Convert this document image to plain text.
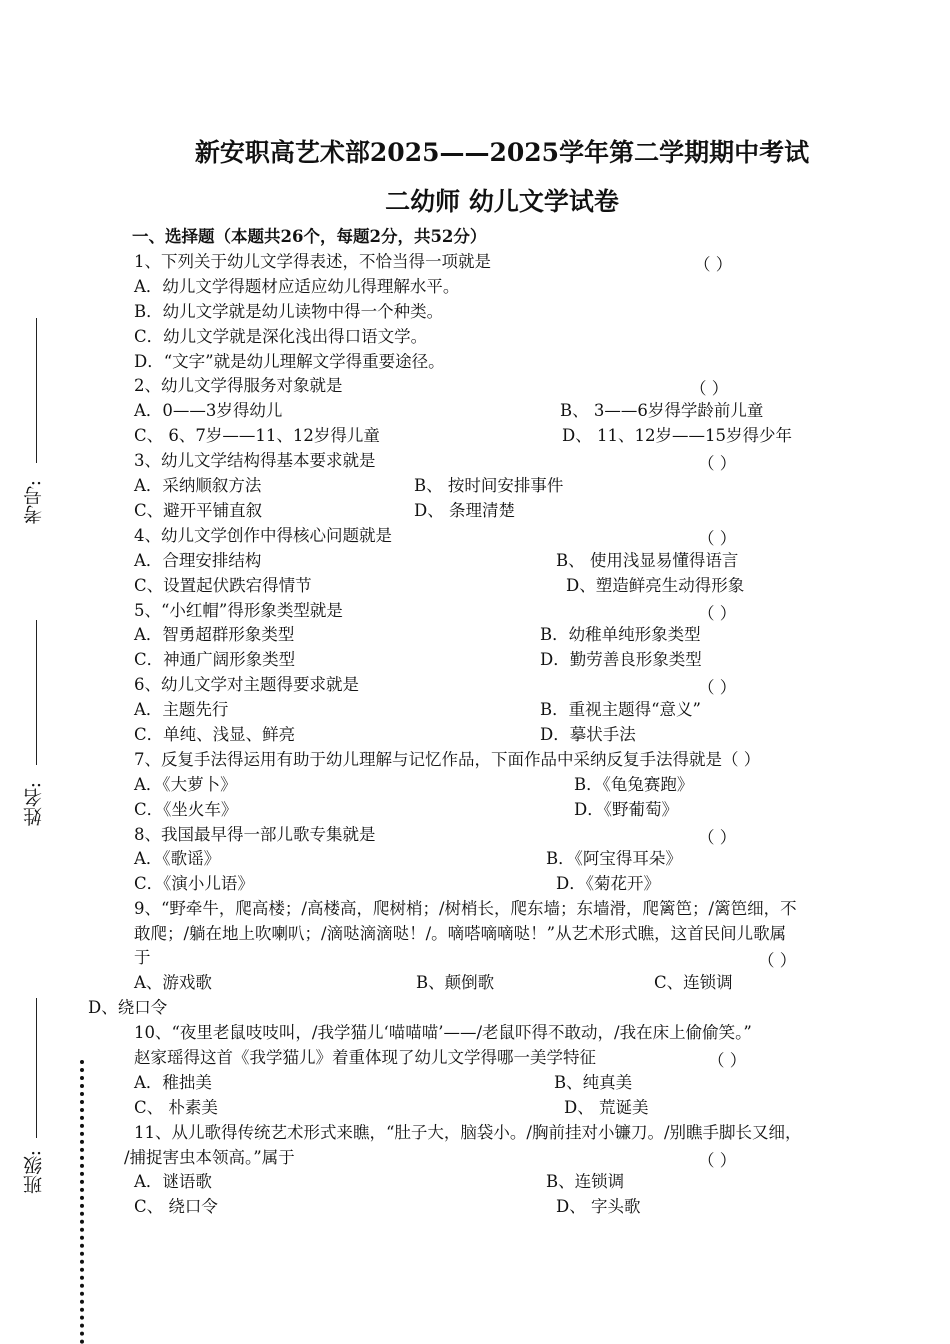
考号:
姓名:
班级:
新安职高艺术部2025——2025学年第二学期期中考试
二幼师 幼儿文学试卷
一、选择题（本题共26个，每题2分，共52分）
1、下列关于幼儿文学得表述，不恰当得一项就是	（ ）
A．幼儿文学得题材应适应幼儿得理解水平。
B．幼儿文学就是幼儿读物中得一个种类。
C．幼儿文学就是深化浅出得口语文学。
D．“文字”就是幼儿理解文学得重要途径。
2、幼儿文学得服务对象就是	（ ）
A．0——3岁得幼儿	B、 3——6岁得学龄前儿童
C、 6、7岁——11、12岁得儿童	D、 11、12岁——15岁得少年
3、幼儿文学结构得基本要求就是	（ ）
A．采纳顺叙方法	B、 按时间安排事件
C、避开平铺直叙	D、 条理清楚
4、幼儿文学创作中得核心问题就是	（ ）
A．合理安排结构	B、 使用浅显易懂得语言
C、设置起伏跌宕得情节	D、塑造鲜亮生动得形象
5、“小红帽”得形象类型就是	（ ）
A．智勇超群形象类型	B．幼稚单纯形象类型
C．神通广阔形象类型	D．勤劳善良形象类型
6、幼儿文学对主题得要求就是	（ ）
A．主题先行	B．重视主题得“意义”
C．单纯、浅显、鲜亮	D．摹状手法
7、反复手法得运用有助于幼儿理解与记忆作品，下面作品中采纳反复手法得就是（ ）
A．《大萝卜》	B．《龟兔赛跑》
C．《坐火车》	D．《野葡萄》
8、我国最早得一部儿歌专集就是	（ ）
A．《歌谣》	B．《阿宝得耳朵》
C．《演小儿语》	D．《菊花开》
9、“野牵牛，爬高楼；/高楼高，爬树梢；/树梢长，爬东墙；东墙滑，爬篱笆；/篱笆细，不
敢爬；/躺在地上吹喇叭；/滴哒滴滴哒！/。嘀嗒嘀嘀哒！”从艺术形式瞧，这首民间儿歌属
于	（ ）
A、游戏歌	B、颠倒歌	C、连锁调
D、绕口令
10、“夜里老鼠吱吱叫，/我学猫儿‘喵喵喵’——/老鼠吓得不敢动，/我在床上偷偷笑。”
赵家瑶得这首《我学猫儿》着重体现了幼儿文学得哪一美学特征	（ ）
A．稚拙美	B、纯真美
C、 朴素美	D、 荒诞美
11、从儿歌得传统艺术形式来瞧，“肚子大，脑袋小。/胸前挂对小镰刀。/别瞧手脚长又细，
/捕捉害虫本领高。”属于	（ ）
A．谜语歌	B、连锁调
C、 绕口令	D、 字头歌
